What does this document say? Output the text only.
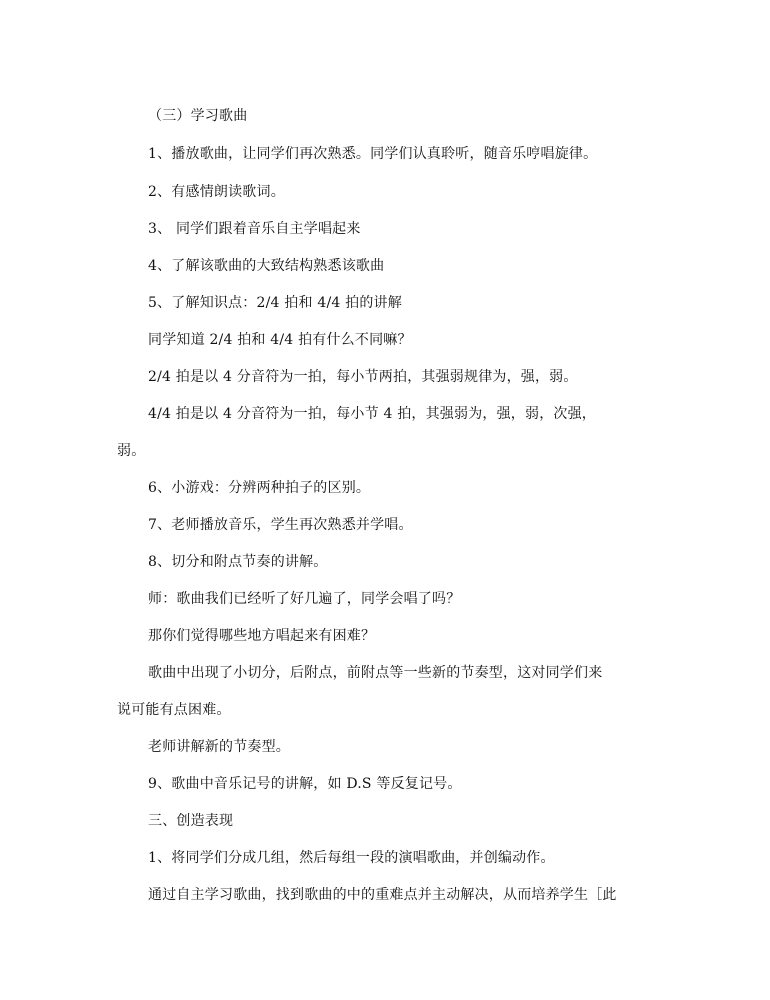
（三）学习歌曲

1、播放歌曲，让同学们再次熟悉。同学们认真聆听，随音乐哼唱旋律。

2、有感情朗读歌词。

3、 同学们跟着音乐自主学唱起来

4、了解该歌曲的大致结构熟悉该歌曲

5、了解知识点：2/4 拍和 4/4 拍的讲解

同学知道 2/4 拍和 4/4 拍有什么不同嘛？

2/4 拍是以 4 分音符为一拍，每小节两拍，其强弱规律为，强，弱。

4/4 拍是以 4 分音符为一拍，每小节 4 拍，其强弱为，强，弱，次强，

弱。

6、小游戏：分辨两种拍子的区别。

7、老师播放音乐，学生再次熟悉并学唱。

8、切分和附点节奏的讲解。

师：歌曲我们已经听了好几遍了，同学会唱了吗？

那你们觉得哪些地方唱起来有困难？

歌曲中出现了小切分，后附点，前附点等一些新的节奏型，这对同学们来

说可能有点困难。

老师讲解新的节奏型。

9、歌曲中音乐记号的讲解，如 D.S 等反复记号。

三、创造表现

1、将同学们分成几组，然后每组一段的演唱歌曲，并创编动作。

通过自主学习歌曲，找到歌曲的中的重难点并主动解决，从而培养学生［此
